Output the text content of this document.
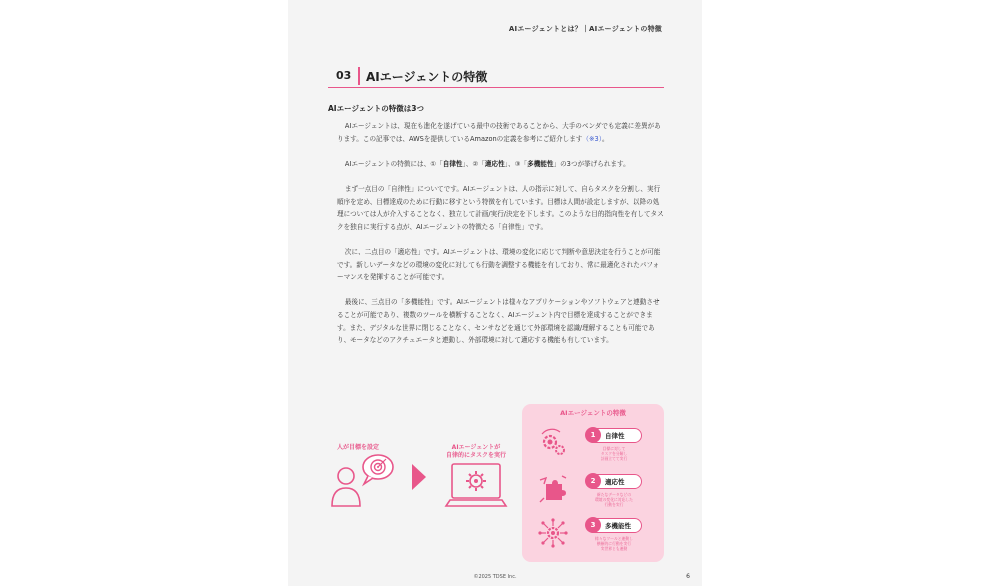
AIエージェントとは？｜AIエージェントの特徴
03 AIエージェントの特徴
AIエージェントの特徴は3つ

AIエージェントは、現在も進化を遂げている最中の技術であることから、大手のベンダでも定義に差異があります。この記事では、AWSを提供しているAmazonの定義を参考にご紹介します（※3）。

AIエージェントの特徴には、①「自律性」、②「適応性」、③「多機能性」の3つが挙げられます。

まず一点目の「自律性」についてです。AIエージェントは、人の指示に対して、自らタスクを分割し、実行順序を定め、目標達成のために行動に移すという特徴を有しています。目標は人間が設定しますが、以降の処理については人が介入することなく、独立して計画/実行/決定を下します。このような目的指向性を有してタスクを独自に実行する点が、AIエージェントの特徴たる「自律性」です。

次に、二点目の「適応性」です。AIエージェントは、環境の変化に応じて判断や意思決定を行うことが可能です。新しいデータなどの環境の変化に対しても行動を調整する機能を有しており、常に最適化されたパフォーマンスを発揮することが可能です。

最後に、三点目の「多機能性」です。AIエージェントは様々なアプリケーションやソフトウェアと連動させることが可能であり、複数のツールを横断することなく、AIエージェント内で目標を達成することができます。また、デジタルな世界に閉じることなく、センサなどを通じて外部環境を認識/理解することも可能であり、モータなどのアクチュエータと連動し、外部環境に対して適応する機能も有しています。

人が目標を設定	AIエージェントが
自律的にタスクを実行
AIエージェントの特徴
1	自律性
目標に対して
タスクを分解し
計画立てて実行
2	適応性
新たなデータなどの
環境の変化に対応した
行動を実行
3	多機能性
様々なツールと連動し
横断的に行動を実行
実世界とも連動
©2025 TDSE Inc.	6
